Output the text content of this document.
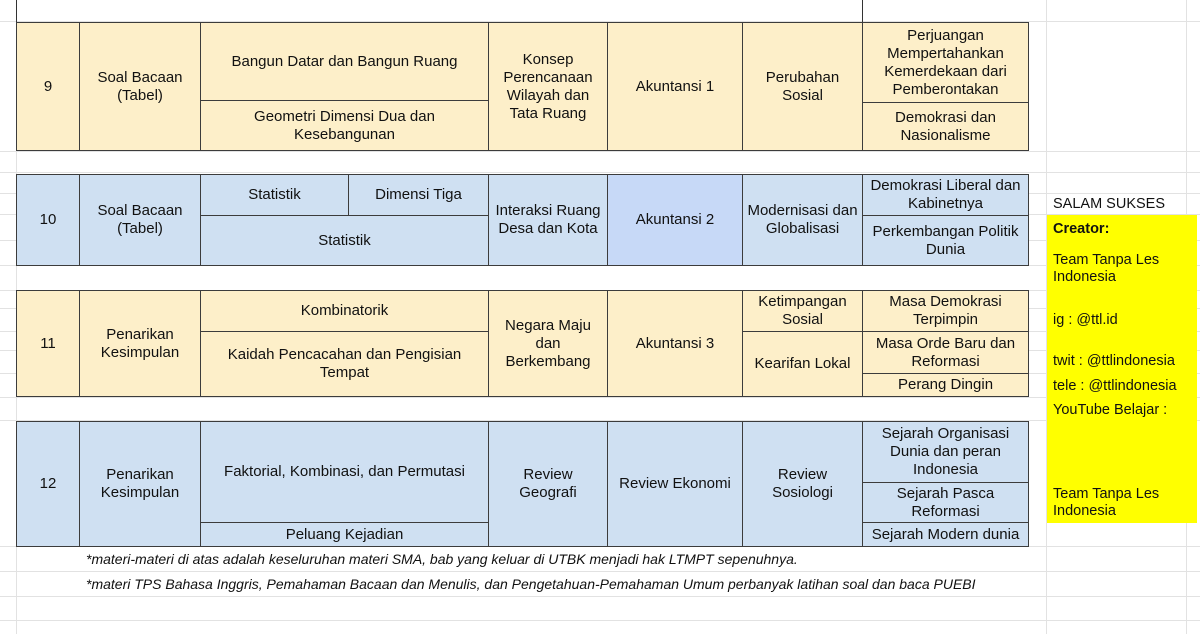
9
Soal Bacaan (Tabel)
Bangun Datar dan Bangun Ruang
Geometri Dimensi Dua dan Kesebangunan
Konsep Perencanaan Wilayah dan Tata Ruang
Akuntansi 1
Perubahan Sosial
Perjuangan Mempertahankan Kemerdekaan dari Pemberontakan
Demokrasi dan Nasionalisme
10
Soal Bacaan (Tabel)
Statistik	Dimensi Tiga
Statistik
Interaksi Ruang Desa dan Kota
Akuntansi 2
Modernisasi dan Globalisasi
Demokrasi Liberal dan Kabinetnya
Perkembangan Politik Dunia
11
Penarikan Kesimpulan
Kombinatorik
Kaidah Pencacahan dan Pengisian Tempat
Negara Maju dan Berkembang
Akuntansi 3
Ketimpangan Sosial
Kearifan Lokal
Masa Demokrasi Terpimpin
Masa Orde Baru dan Reformasi
Perang Dingin
12
Penarikan Kesimpulan
Faktorial, Kombinasi, dan Permutasi
Peluang Kejadian
Review Geografi
Review Ekonomi
Review Sosiologi
Sejarah Organisasi Dunia dan peran Indonesia
Sejarah Pasca Reformasi
Sejarah Modern dunia
*materi-materi di atas adalah keseluruhan materi SMA, bab yang keluar di UTBK menjadi hak LTMPT sepenuhnya.
*materi TPS Bahasa Inggris, Pemahaman Bacaan dan Menulis, dan Pengetahuan-Pemahaman Umum perbanyak latihan soal dan baca PUEBI
SALAM SUKSES
Creator:
Team Tanpa Les Indonesia
ig : @ttl.id
twit : @ttlindonesia
tele : @ttlindonesia
YouTube Belajar :
Team Tanpa Les Indonesia
